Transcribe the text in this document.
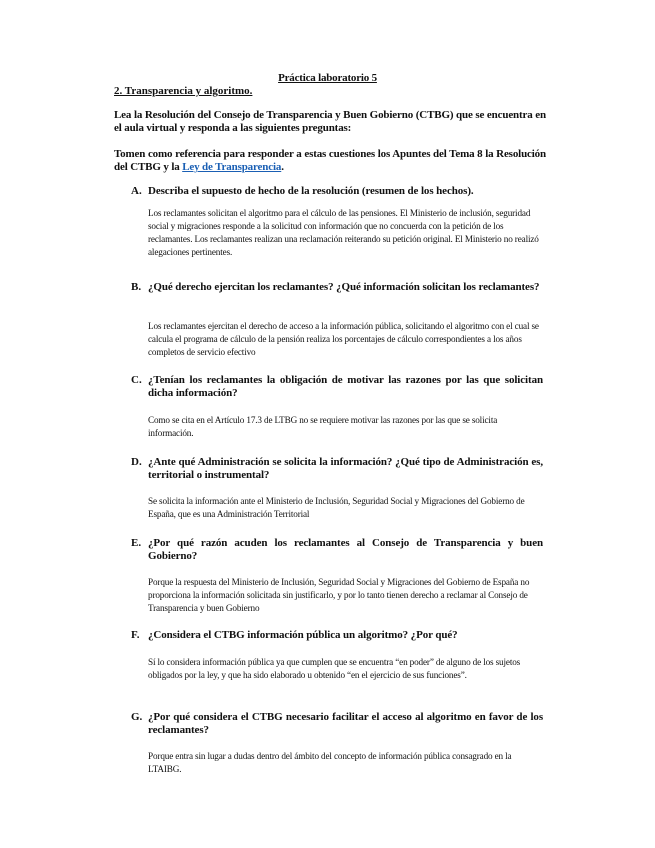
Práctica laboratorio 5
2. Transparencia y algoritmo.
Lea la Resolución del Consejo de Transparencia y Buen Gobierno (CTBG) que se encuentra en el aula virtual y responda a las siguientes preguntas:
Tomen como referencia para responder a estas cuestiones los Apuntes del Tema 8 la Resolución del CTBG y la Ley de Transparencia.
A. Describa el supuesto de hecho de la resolución (resumen de los hechos).
Los reclamantes solicitan el algoritmo para el cálculo de las pensiones. El Ministerio de inclusión, seguridad social y migraciones responde a la solicitud con información que no concuerda con la petición de los reclamantes. Los reclamantes realizan una reclamación reiterando su petición original. El Ministerio no realizó alegaciones pertinentes.
B. ¿Qué derecho ejercitan los reclamantes? ¿Qué información solicitan los reclamantes?
Los reclamantes ejercitan el derecho de acceso a la información pública, solicitando el algoritmo con el cual se calcula el programa de cálculo de la pensión realiza los porcentajes de cálculo correspondientes a los años completos de servicio efectivo
C. ¿Tenían los reclamantes la obligación de motivar las razones por las que solicitan dicha información?
Como se cita en el Artículo 17.3 de LTBG no se requiere motivar las razones por las que se solicita información.
D. ¿Ante qué Administración se solicita la información? ¿Qué tipo de Administración es, territorial o instrumental?
Se solicita la información ante el Ministerio de Inclusión, Seguridad Social y Migraciones del Gobierno de España, que es una Administración Territorial
E. ¿Por qué razón acuden los reclamantes al Consejo de Transparencia y buen Gobierno?
Porque la respuesta del Ministerio de Inclusión, Seguridad Social y Migraciones del Gobierno de España no proporciona la información solicitada sin justificarlo, y por lo tanto tienen derecho a reclamar al Consejo de Transparencia y buen Gobierno
F. ¿Considera el CTBG información pública un algoritmo? ¿Por qué?
Sí lo considera información pública ya que cumplen que se encuentra “en poder” de alguno de los sujetos obligados por la ley, y que ha sido elaborado u obtenido “en el ejercicio de sus funciones”.
G. ¿Por qué considera el CTBG necesario facilitar el acceso al algoritmo en favor de los reclamantes?
Porque entra sin lugar a dudas dentro del ámbito del concepto de información pública consagrado en la LTAIBG.
